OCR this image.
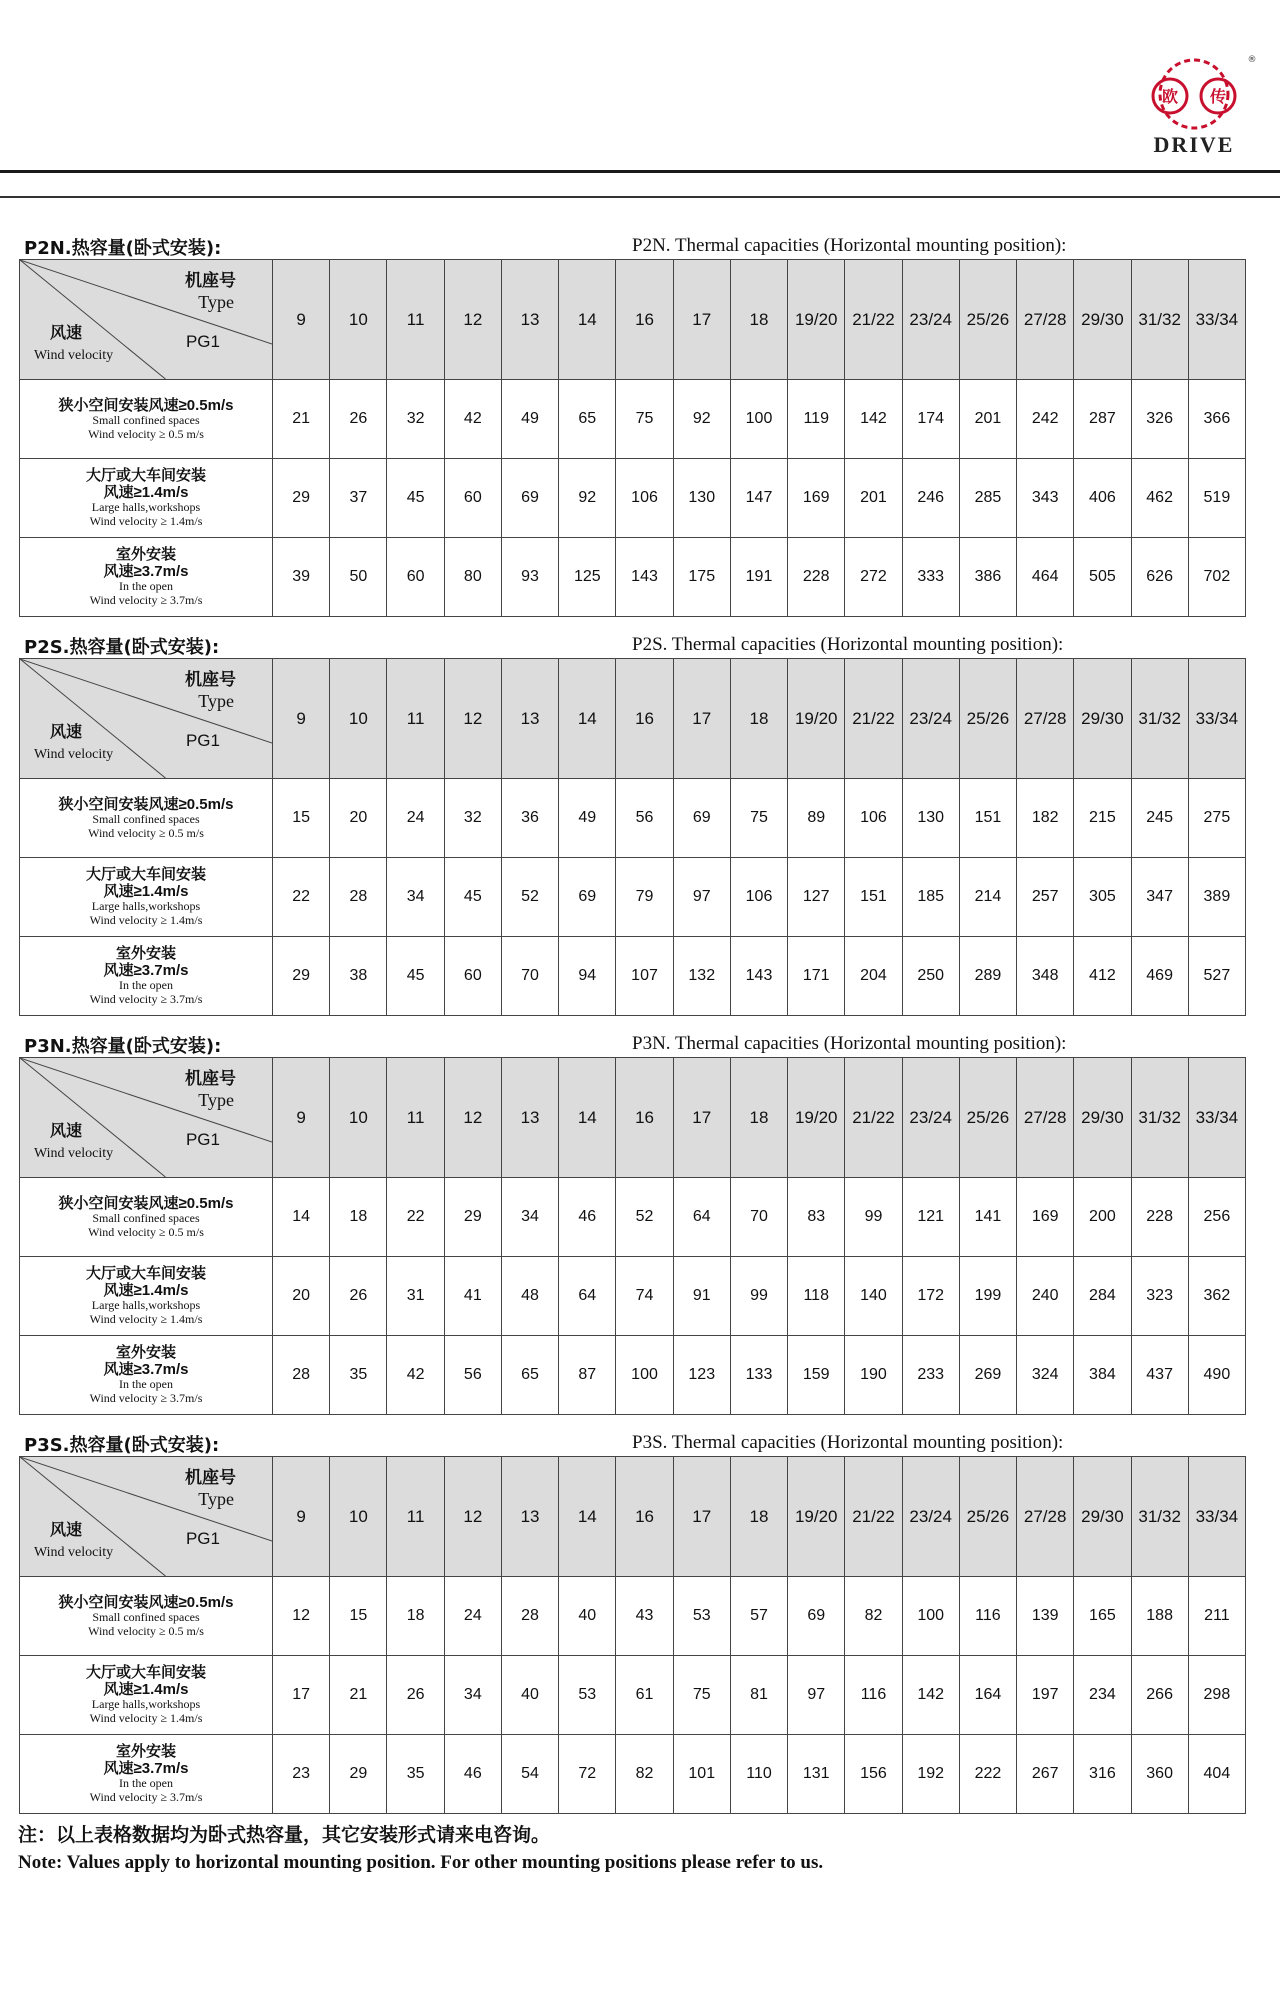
欧 传
®
DRIVE
P2N.热容量(卧式安装):	P2N. Thermal capacities (Horizontal mounting position):
机座号
Type
PG1
风速
Wind velocity	9	10	11	12	13	14	16	17	18	19/20	21/22	23/24	25/26	27/28	29/30	31/32	33/34

狭小空间安装风速≥0.5m/s
Small confined spaces
Wind velocity ≥ 0.5 m/s	21	26	32	42	49	65	75	92	100	119	142	174	201	242	287	326	366

大厅或大车间安装
风速≥1.4m/s
Large halls,workshops
Wind velocity ≥ 1.4m/s	29	37	45	60	69	92	106	130	147	169	201	246	285	343	406	462	519

室外安装
风速≥3.7m/s
In the open
Wind velocity ≥ 3.7m/s	39	50	60	80	93	125	143	175	191	228	272	333	386	464	505	626	702
P2S.热容量(卧式安装):	P2S. Thermal capacities (Horizontal mounting position):
机座号
Type
PG1
风速
Wind velocity	9	10	11	12	13	14	16	17	18	19/20	21/22	23/24	25/26	27/28	29/30	31/32	33/34

狭小空间安装风速≥0.5m/s
Small confined spaces
Wind velocity ≥ 0.5 m/s	15	20	24	32	36	49	56	69	75	89	106	130	151	182	215	245	275

大厅或大车间安装
风速≥1.4m/s
Large halls,workshops
Wind velocity ≥ 1.4m/s	22	28	34	45	52	69	79	97	106	127	151	185	214	257	305	347	389

室外安装
风速≥3.7m/s
In the open
Wind velocity ≥ 3.7m/s	29	38	45	60	70	94	107	132	143	171	204	250	289	348	412	469	527
P3N.热容量(卧式安装):	P3N. Thermal capacities (Horizontal mounting position):
机座号
Type
PG1
风速
Wind velocity	9	10	11	12	13	14	16	17	18	19/20	21/22	23/24	25/26	27/28	29/30	31/32	33/34

狭小空间安装风速≥0.5m/s
Small confined spaces
Wind velocity ≥ 0.5 m/s	14	18	22	29	34	46	52	64	70	83	99	121	141	169	200	228	256

大厅或大车间安装
风速≥1.4m/s
Large halls,workshops
Wind velocity ≥ 1.4m/s	20	26	31	41	48	64	74	91	99	118	140	172	199	240	284	323	362

室外安装
风速≥3.7m/s
In the open
Wind velocity ≥ 3.7m/s	28	35	42	56	65	87	100	123	133	159	190	233	269	324	384	437	490
P3S.热容量(卧式安装):	P3S. Thermal capacities (Horizontal mounting position):
机座号
Type
PG1
风速
Wind velocity	9	10	11	12	13	14	16	17	18	19/20	21/22	23/24	25/26	27/28	29/30	31/32	33/34

狭小空间安装风速≥0.5m/s
Small confined spaces
Wind velocity ≥ 0.5 m/s	12	15	18	24	28	40	43	53	57	69	82	100	116	139	165	188	211

大厅或大车间安装
风速≥1.4m/s
Large halls,workshops
Wind velocity ≥ 1.4m/s	17	21	26	34	40	53	61	75	81	97	116	142	164	197	234	266	298

室外安装
风速≥3.7m/s
In the open
Wind velocity ≥ 3.7m/s	23	29	35	46	54	72	82	101	110	131	156	192	222	267	316	360	404
注：以上表格数据均为卧式热容量，其它安装形式请来电咨询。
Note: Values apply to horizontal mounting position. For other mounting positions please refer to us.
